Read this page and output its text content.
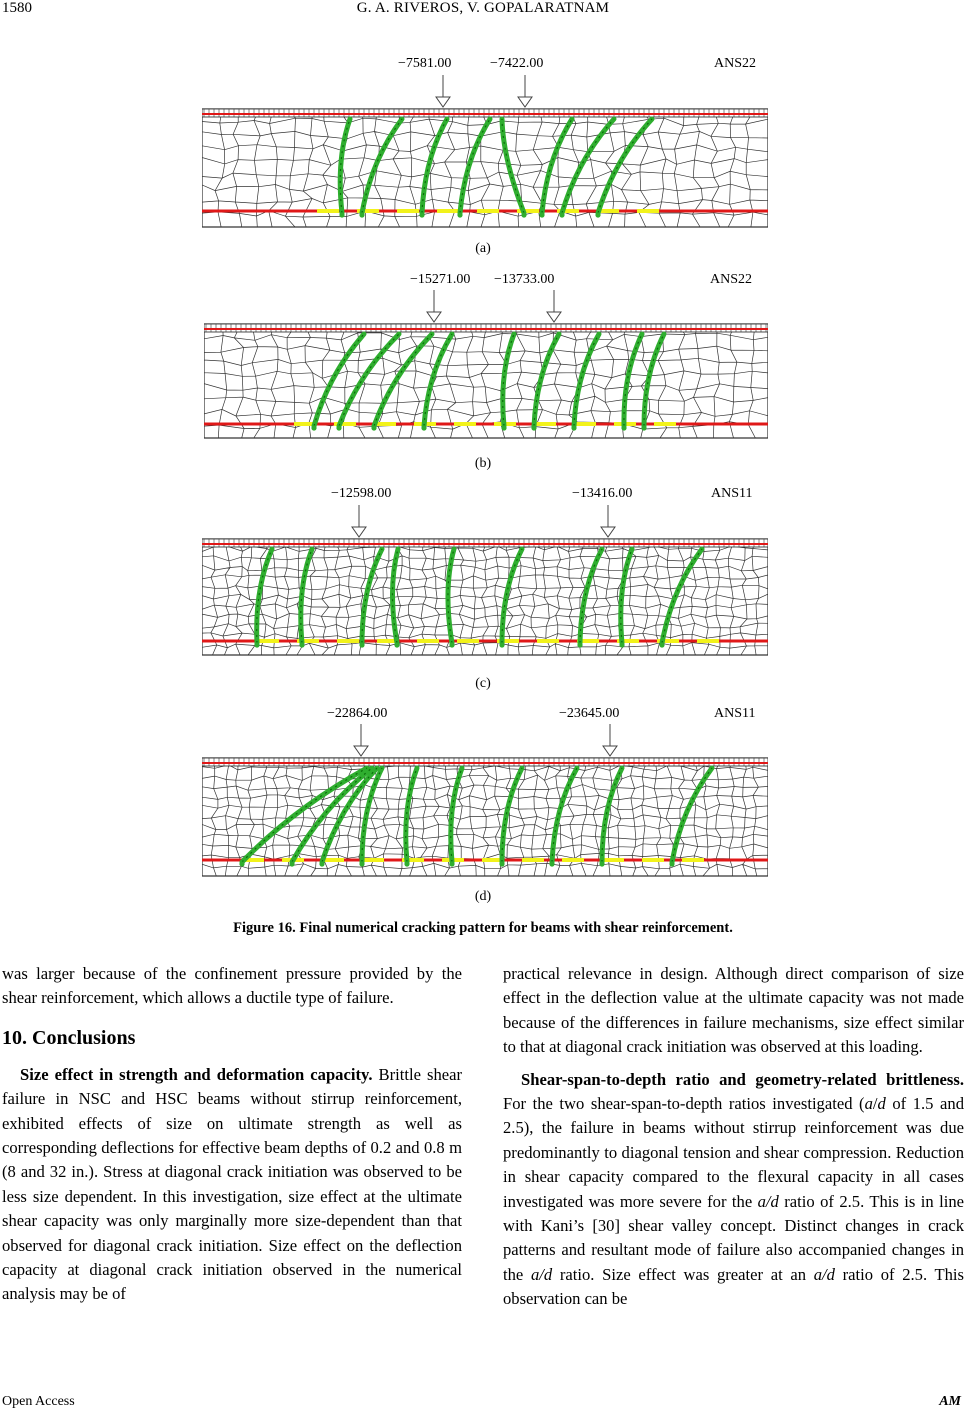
1580	G. A. RIVEROS, V. GOPALARATNAM
−7581.00	−7422.00	ANS22
(a)
−15271.00 −13733.00	ANS22
(b)
−12598.00	−13416.00	ANS11
(c)
−22864.00	−23645.00	ANS11
(d)
Figure 16. Final numerical cracking pattern for beams with shear reinforcement.

was larger because of the confinement pressure provided by the shear reinforcement, which allows a ductile type of failure.

10. Conclusions

Size effect in strength and deformation capacity. Brittle shear failure in NSC and HSC beams without stirrup reinforcement, exhibited effects of size on ultimate strength as well as corresponding deflections for effective beam depths of 0.2 and 0.8 m (8 and 32 in.). Stress at diagonal crack initiation was observed to be less size dependent. In this investigation, size effect at the ultimate shear capacity was only marginally more size-dependent than that observed for diagonal crack initiation. Size effect on the deflection capacity at diagonal crack initiation observed in the numerical analysis may be of

practical relevance in design. Although direct comparison of size effect in the deflection value at the ultimate capacity was not made because of the differences in failure mechanisms, size effect similar to that at diagonal crack initiation was observed at this loading.

Shear-span-to-depth ratio and geometry-related brittleness. For the two shear-span-to-depth ratios investigated (a/d of 1.5 and 2.5), the failure in beams without stirrup reinforcement was due predominantly to diagonal tension and shear compression. Reduction in shear capacity compared to the flexural capacity in all cases investigated was more severe for the a/d ratio of 2.5. This is in line with Kani’s [30] shear valley concept. Distinct changes in crack patterns and resultant mode of failure also accompanied changes in the a/d ratio. Size effect was greater at an a/d ratio of 2.5. This observation can be

Open Access	AM
